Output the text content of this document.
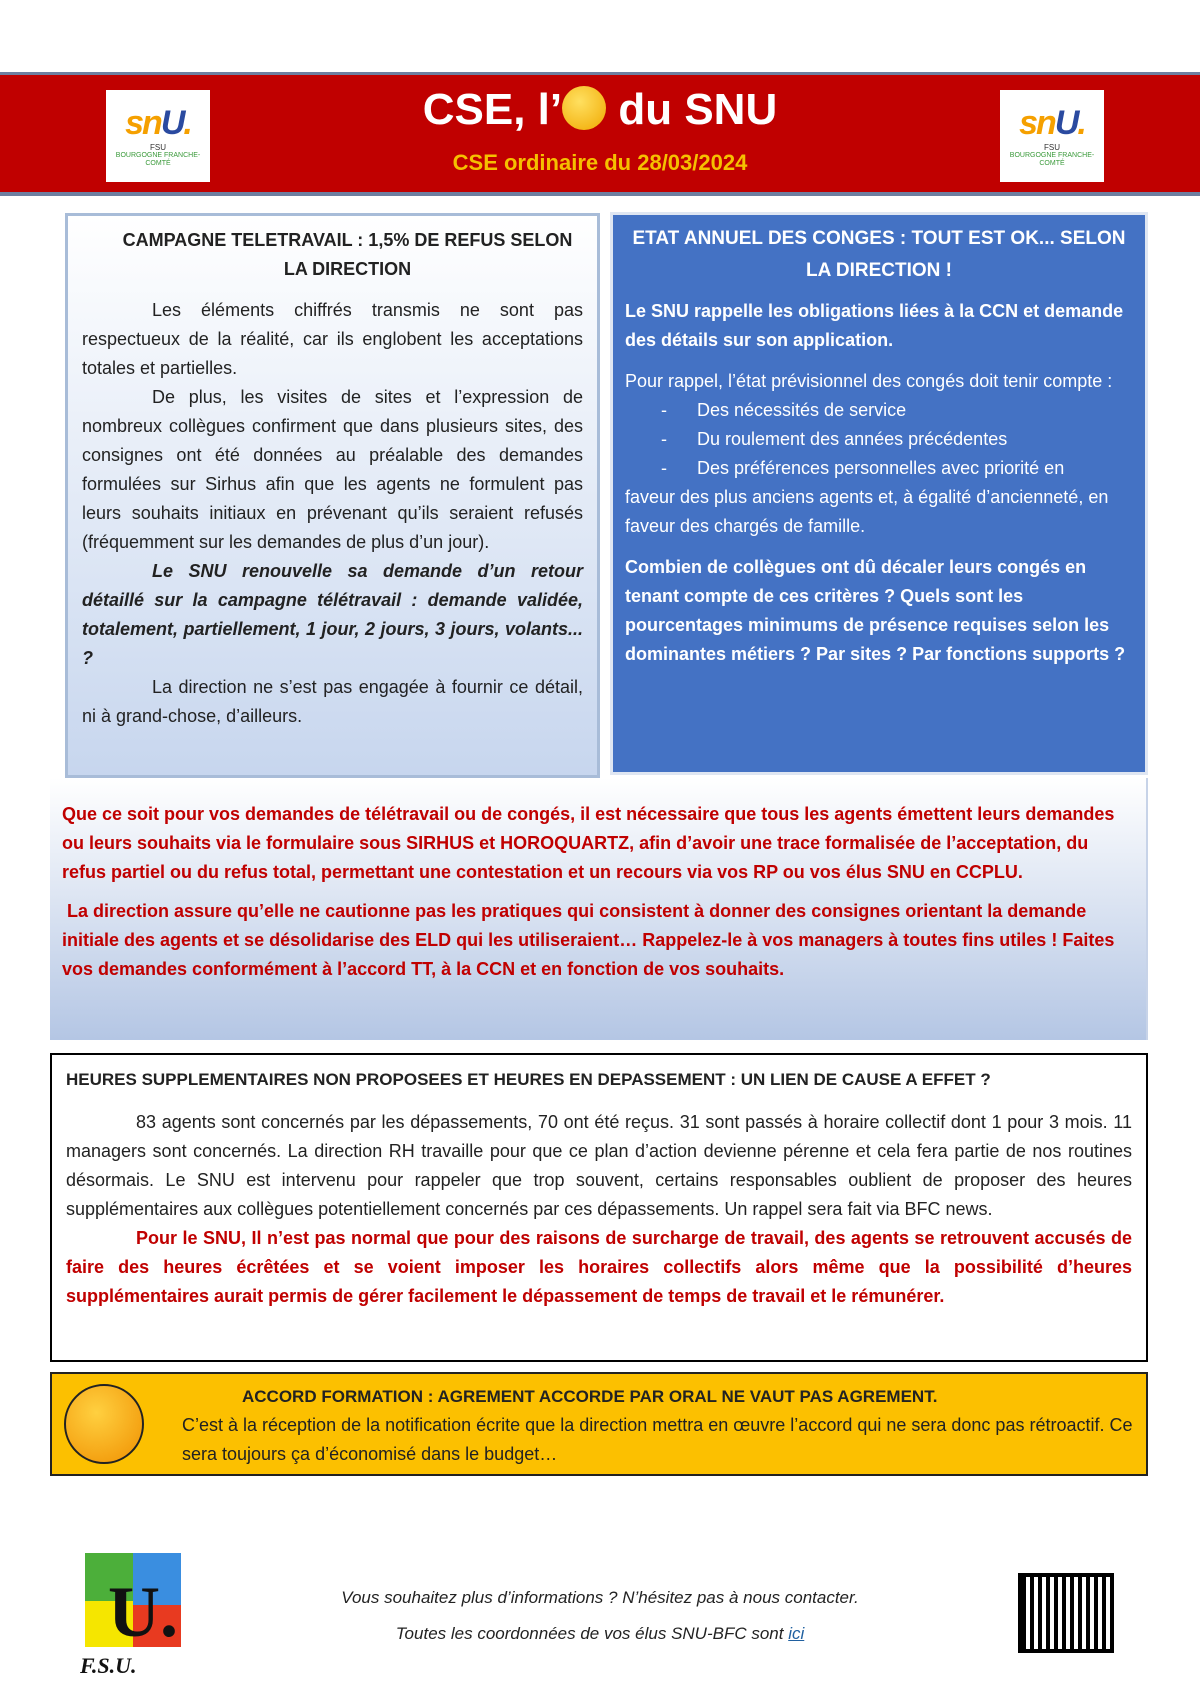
snU.
FSU
BOURGOGNE FRANCHE-COMTÉ
CSE, l’ du SNU
CSE ordinaire du 28/03/2024
snU.
FSU
BOURGOGNE FRANCHE-COMTÉ
CAMPAGNE TELETRAVAIL : 1,5% DE REFUS SELON LA DIRECTION

Les éléments chiffrés transmis ne sont pas respectueux de la réalité, car ils englobent les acceptations totales et partielles.

De plus, les visites de sites et l’expression de nombreux collègues confirment que dans plusieurs sites, des consignes ont été données au préalable des demandes formulées sur Sirhus afin que les agents ne formulent pas leurs souhaits initiaux en prévenant qu’ils seraient refusés (fréquemment sur les demandes de plus d’un jour).

Le SNU renouvelle sa demande d’un retour détaillé sur la campagne télétravail : demande validée, totalement, partiellement, 1 jour, 2 jours, 3 jours, volants... ?

La direction ne s’est pas engagée à fournir ce détail, ni à grand-chose, d’ailleurs.

ETAT ANNUEL DES CONGES : TOUT EST OK... SELON LA DIRECTION !

Le SNU rappelle les obligations liées à la CCN et demande des détails sur son application.

Pour rappel, l’état prévisionnel des congés doit tenir compte :

- Des nécessités de service
- Du roulement des années précédentes
- Des préférences personnelles avec priorité en

faveur des plus anciens agents et, à égalité d’ancienneté, en faveur des chargés de famille.

Combien de collègues ont dû décaler leurs congés en tenant compte de ces critères ? Quels sont les pourcentages minimums de présence requises selon les dominantes métiers ? Par sites ? Par fonctions supports ?

Que ce soit pour vos demandes de télétravail ou de congés, il est nécessaire que tous les agents émettent leurs demandes ou leurs souhaits via le formulaire sous SIRHUS et HOROQUARTZ, afin d’avoir une trace formalisée de l’acceptation, du refus partiel ou du refus total, permettant une contestation et un recours via vos RP ou vos élus SNU en CCPLU.

La direction assure qu’elle ne cautionne pas les pratiques qui consistent à donner des consignes orientant la demande initiale des agents et se désolidarise des ELD qui les utiliseraient… Rappelez-le à vos managers à toutes fins utiles ! Faites vos demandes conformément à l’accord TT, à la CCN et en fonction de vos souhaits.

HEURES SUPPLEMENTAIRES NON PROPOSEES ET HEURES EN DEPASSEMENT : UN LIEN DE CAUSE A EFFET ?

83 agents sont concernés par les dépassements, 70 ont été reçus. 31 sont passés à horaire collectif dont 1 pour 3 mois. 11 managers sont concernés. La direction RH travaille pour que ce plan d’action devienne pérenne et cela fera partie de nos routines désormais. Le SNU est intervenu pour rappeler que trop souvent, certains responsables oublient de proposer des heures supplémentaires aux collègues potentiellement concernés par ces dépassements. Un rappel sera fait via BFC news.

Pour le SNU, Il n’est pas normal que pour des raisons de surcharge de travail, des agents se retrouvent accusés de faire des heures écrêtées et se voient imposer les horaires collectifs alors même que la possibilité d’heures supplémentaires aurait permis de gérer facilement le dépassement de temps de travail et le rémunérer.

ACCORD FORMATION : AGREMENT ACCORDE PAR ORAL NE VAUT PAS AGREMENT.

C’est à la réception de la notification écrite que la direction mettra en œuvre l’accord qui ne sera donc pas rétroactif. Ce sera toujours ça d’économisé dans le budget…

U.
F.S.U.
Vous souhaitez plus d’informations ? N’hésitez pas à nous contacter.
Toutes les coordonnées de vos élus SNU-BFC sont ici
